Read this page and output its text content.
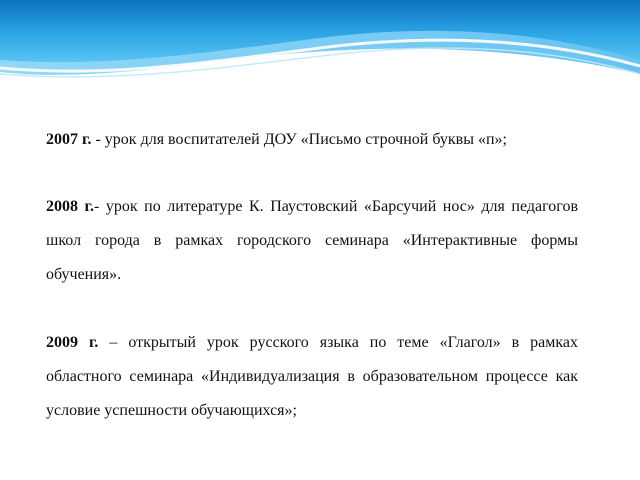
2007 г. - урок для воспитателей ДОУ «Письмо строчной буквы «п»;

2008 г.- урок по литературе К. Паустовский «Барсучий нос» для педагогов школ города в рамках городского семинара «Интерактивные формы обучения».

2009 г. – открытый урок русского языка по теме «Глагол» в рамках областного семинара «Индивидуализация в образовательном процессе как условие успешности обучающихся»;
